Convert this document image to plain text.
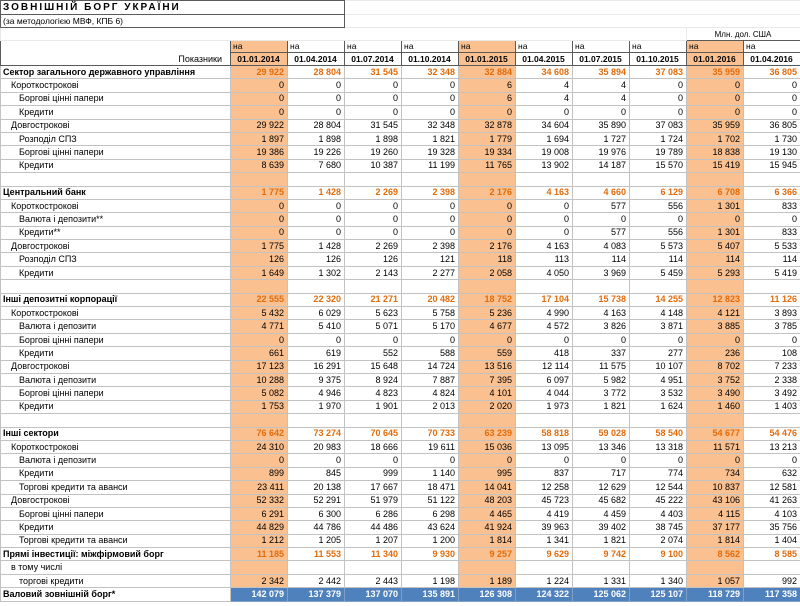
ЗОВНІШНІЙ БОРГ УКРАЇНИ										
(за методологією МВФ, КПБ 6)										
									Млн. дол. США	
Показники	на	на	на	на	на	на	на	на	на	на
	01.01.2014	01.04.2014	01.07.2014	01.10.2014	01.01.2015	01.04.2015	01.07.2015	01.10.2015	01.01.2016	01.04.2016
Сектор загального державного управління	29 922	28 804	31 545	32 348	32 884	34 608	35 894	37 083	35 959	36 805
Короткострокові	0	0	0	0	6	4	4	0	0	0
Боргові цінні папери	0	0	0	0	6	4	4	0	0	0
Кредити	0	0	0	0	0	0	0	0	0	0
Довгострокові	29 922	28 804	31 545	32 348	32 878	34 604	35 890	37 083	35 959	36 805
Розподіл СПЗ	1 897	1 898	1 898	1 821	1 779	1 694	1 727	1 724	1 702	1 730
Боргові цінні папери	19 386	19 226	19 260	19 328	19 334	19 008	19 976	19 789	18 838	19 130
Кредити	8 639	7 680	10 387	11 199	11 765	13 902	14 187	15 570	15 419	15 945

Центральний банк	1 775	1 428	2 269	2 398	2 176	4 163	4 660	6 129	6 708	6 366
Короткострокові	0	0	0	0	0	0	577	556	1 301	833
Валюта і депозити**	0	0	0	0	0	0	0	0	0	0
Кредити**	0	0	0	0	0	0	577	556	1 301	833
Довгострокові	1 775	1 428	2 269	2 398	2 176	4 163	4 083	5 573	5 407	5 533
Розподіл СПЗ	126	126	126	121	118	113	114	114	114	114
Кредити	1 649	1 302	2 143	2 277	2 058	4 050	3 969	5 459	5 293	5 419

Інші депозитні корпорації	22 555	22 320	21 271	20 482	18 752	17 104	15 738	14 255	12 823	11 126
Короткострокові	5 432	6 029	5 623	5 758	5 236	4 990	4 163	4 148	4 121	3 893
Валюта і депозити	4 771	5 410	5 071	5 170	4 677	4 572	3 826	3 871	3 885	3 785
Боргові цінні папери	0	0	0	0	0	0	0	0	0	0
Кредити	661	619	552	588	559	418	337	277	236	108
Довгострокові	17 123	16 291	15 648	14 724	13 516	12 114	11 575	10 107	8 702	7 233
Валюта і депозити	10 288	9 375	8 924	7 887	7 395	6 097	5 982	4 951	3 752	2 338
Боргові цінні папери	5 082	4 946	4 823	4 824	4 101	4 044	3 772	3 532	3 490	3 492
Кредити	1 753	1 970	1 901	2 013	2 020	1 973	1 821	1 624	1 460	1 403

Інші сектори	76 642	73 274	70 645	70 733	63 239	58 818	59 028	58 540	54 677	54 476
Короткострокові	24 310	20 983	18 666	19 611	15 036	13 095	13 346	13 318	11 571	13 213
Валюта і депозити	0	0	0	0	0	0	0	0	0	0
Кредити	899	845	999	1 140	995	837	717	774	734	632
Торгові кредити та аванси	23 411	20 138	17 667	18 471	14 041	12 258	12 629	12 544	10 837	12 581
Довгострокові	52 332	52 291	51 979	51 122	48 203	45 723	45 682	45 222	43 106	41 263
Боргові цінні папери	6 291	6 300	6 286	6 298	4 465	4 419	4 459	4 403	4 115	4 103
Кредити	44 829	44 786	44 486	43 624	41 924	39 963	39 402	38 745	37 177	35 756
Торгові кредити та аванси	1 212	1 205	1 207	1 200	1 814	1 341	1 821	2 074	1 814	1 404
Прямі інвестиції: міжфірмовий борг	11 185	11 553	11 340	9 930	9 257	9 629	9 742	9 100	8 562	8 585
в тому числі										
торгові кредити	2 342	2 442	2 443	1 198	1 189	1 224	1 331	1 340	1 057	992
Валовий зовнішній борг*	142 079	137 379	137 070	135 891	126 308	124 322	125 062	125 107	118 729	117 358
